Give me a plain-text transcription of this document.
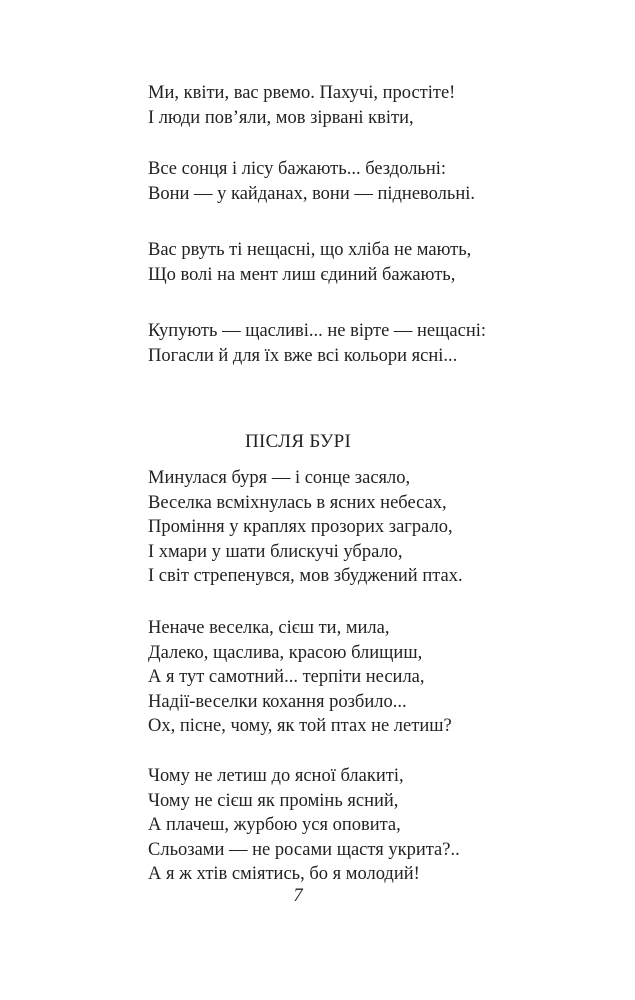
Ми, квіти, вас рвемо. Пахучі, простіте!
І люди пов’яли, мов зірвані квіти,
Все сонця і лісу бажають... бездольні:
Вони — у кайданах, вони — підневольні.
Вас рвуть ті нещасні, що хліба не мають,
Що волі на мент лиш єдиний бажають,
Купують — щасливі... не вірте — нещасні:
Погасли й для їх вже всі кольори ясні...
ПІСЛЯ БУРІ
Минулася буря — і сонце засяло,
Веселка всміхнулась в ясних небесах,
Проміння у краплях прозорих заграло,
І хмари у шати блискучі убрало,
І світ стрепенувся, мов збуджений птах.
Неначе веселка, сієш ти, мила,
Далеко, щаслива, красою блищиш,
А я тут самотний... терпіти несила,
Надії-веселки кохання розбило...
Ох, пісне, чому, як той птах не летиш?
Чому не летиш до ясної блакиті,
Чому не сієш як промінь ясний,
А плачеш, журбою уся оповита,
Сльозами — не росами щастя укрита?..
А я ж хтів сміятись, бо я молодий!
7
